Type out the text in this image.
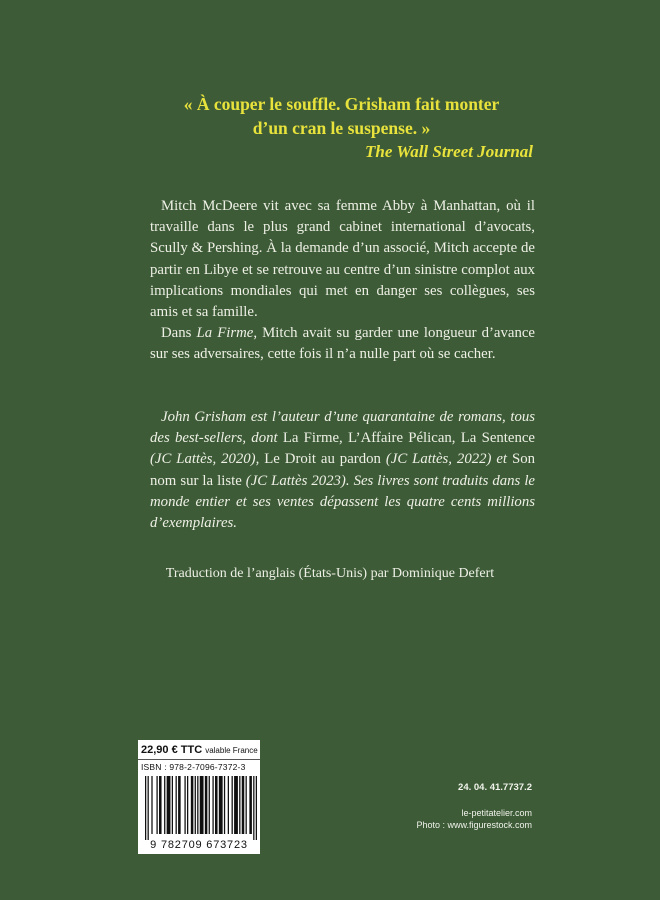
« À couper le souffle. Grisham fait monter
d’un cran le suspense. »
The Wall Street Journal

Mitch McDeere vit avec sa femme Abby à Manhattan, où il travaille dans le plus grand cabinet international d’avocats, Scully & Pershing. À la demande d’un associé, Mitch accepte de partir en Libye et se retrouve au centre d’un sinistre complot aux implications mondiales qui met en danger ses collègues, ses amis et sa famille.

Dans La Firme, Mitch avait su garder une longueur d’avance sur ses adversaires, cette fois il n’a nulle part où se cacher.

John Grisham est l’auteur d’une quarantaine de romans, tous des best-sellers, dont La Firme, L’Affaire Pélican, La Sentence (JC Lattès, 2020), Le Droit au pardon (JC Lattès, 2022) et Son nom sur la liste (JC Lattès 2023). Ses livres sont traduits dans le monde entier et ses ventes dépassent les quatre cents millions d’exemplaires.

Traduction de l’anglais (États-Unis) par Dominique Defert
22,90 € TTC valable France
ISBN : 978-2-7096-7372-3
9 782709 673723
24. 04. 41.7737.2
le-petitatelier.com
Photo : www.figurestock.com
